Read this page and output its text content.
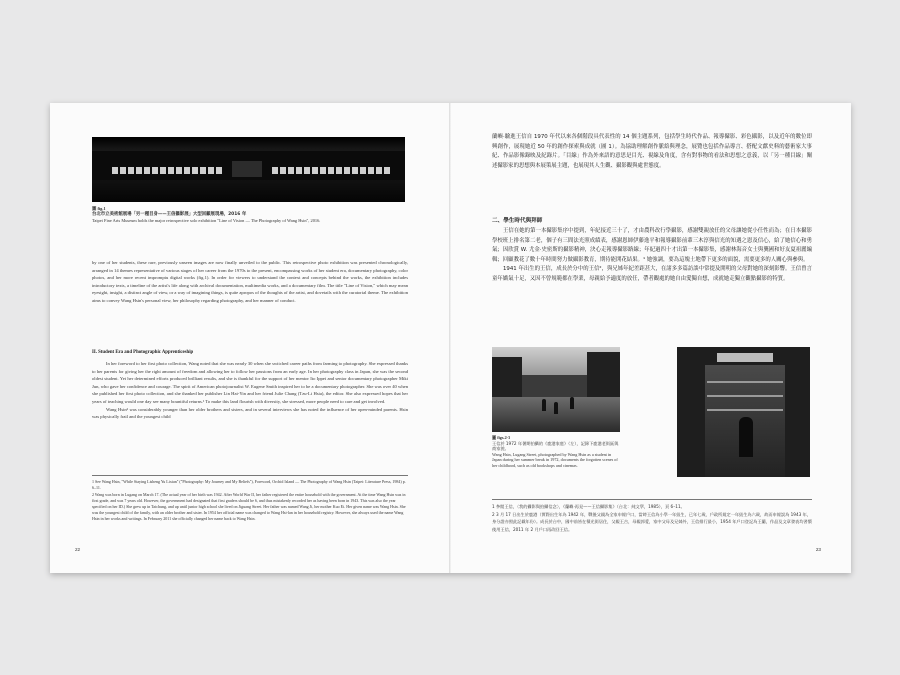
圖 fig.1
台北市立美術館展場「另一種目身——王信攝影展」大型回顧展現場，2016 年
Taipei Fine Arts Museum holds the major retrospective solo exhibition "Line of Vision — The Photography of Wang Hsin", 2016.

by one of her students, these rare, previously unseen images are now finally unveiled to the public. This retrospective photo exhibition was presented chronologically, arranged in 14 themes representative of various stages of her career from the 1970s to the present, encompassing works of her student era, documentary photography, color photos, and her more recent impromptu digital works (fig.1). In order for viewers to understand the context and concepts behind the works, the exhibition includes introductory texts, a timeline of the artist's life along with archival documentation, multimedia works, and a documentary film. The title "Line of Vision," which may mean eyesight, insight, a distinct angle of view, or a way of imagining things, is quite apropos of the thoughts of the artist, and dovetails with the curatorial theme. The exhibition aims to convey Wang Hsin's personal view, her philosophy regarding photography, and her manner of conduct.

II. Student Era and Photographic Apprenticeship

In her foreword to her first photo collection, Wang noted that she was nearly 30 when she switched career paths from farming to photography. She expressed thanks to her parents for giving her the right amount of freedom and allowing her to follow her passions from an early age. In her photography class in Japan, she was the second oldest student. Yet her determined efforts produced brilliant results, and she is thankful for the support of her mentor Ito Ippei and senior documentary photographer Miki Jun, who gave her confidence and courage. The spirit of American photojournalist W. Eugene Smith inspired her to be a documentary photographer. She was over 40 when she published her first photo collection, and she thanked her publisher Lin Hai-Yin and her friend Julie Chang (Tzu-Li Hsia), the editor. She also expressed hopes that her years of teaching would one day see many bountiful returns.¹ To make this land flourish with diversity, she stressed, more people need to care and get involved.

Wang Hsin² was considerably younger than her older brothers and sisters, and in several interviews she has noted the influence of her open-minded parents. Hsin was physically frail and the youngest child

1 See Wang Hsin, "While Staying Lisheng Yu Lixian" ("Photography: My Journey and My Beliefs"), Foreword, Orchid Island — The Photography of Wang Hsin (Taipei: Literature Press, 1984) p. 6–11.
2 Wang was born in Lugang on March 17. (The actual year of her birth was 1942. After World War II, her father registered the entire household with the government. At the time Wang Hsin was in first grade, and was 7 years old. However, the government had designated that first graders should be 6, and thus mistakenly recorded her as having been born in 1943. This was also the year specified on her ID.) She grew up in Taichung, and up until junior high school she lived on Jiguang Street. Her father was named Wang Ji, her mother Kuo Ei. Her given name was Wang Hsin. She was the youngest child of the family, with an older brother and sister. In 1954 her official name was changed to Wang Hsi-lan in her household registry. However, she always used the name Wang Hsin in her works and writings. In February 2011 she officially changed her name back to Wang Hsin.
22

蘭嶼‧驗進王信自 1970 年代以來各個階段具代表性的 14 個主題系列，包括學生時代作品、報導攝影、彩色攝影，以及近年的數位即興創作，展現她近 50 年的創作探索與成就（圖 1）。為協助理解創作脈絡與理念，展覽也包括作品導言、搭配文獻史料的藝術家大事紀、作品影像錄映及紀錄片。「目線」作為外來語的意思是目光、視線及角度，含有對事物的看法和思想之意義，以「另一種目線」闡述攝影家的思想與本展策展主題，也展現其人生觀、攝影觀與處世態度。

二、學生時代與拜師

王信在她的第一本攝影集序中提到，年紀接近三十了，才由農科改行學攝影，感謝雙親放任的父母讓她從小任性而為；在日本攝影學校班上排名第二老，個子有三間法光照成績表，感謝恩師伊藤逸平和報導攝影前輩三木淳與信光的知遇之恩及信心，給了她信心和勇氣；因欣賞 W. 尤金‧史密斯的攝影精神，決心走報導攝影路線；年紀過四十才出第一本攝影集，感謝林海音女士與龔國和好友夏祖麗編輯；回顧教花了數十年時間努力做攝影教育，期待能開花結果。¹ 她強調，要為這塊土地帶下更多的面貌，需要更多的人關心與參與。

1941 年出生的王信，成長於分中的王信²，與兄姊年紀差距甚大，在諸多多篇訪談中常提及開明的父母對她的深刻影響。王信曾言童年嬌氣十足，又因不曾規範都在學業，母親給予適度的放任，帶者觀處的她自由愛獨自想，成就她走獨立觀點攝影的特質。

圖 figs.2-3
王信於 1972 年暑期拍攝的《鹿港家庭》（左），記錄下鹿港老街區與商家貌。
Wang Hsin, Lugang Street, photographed by Wang Hsin as a student in Japan during her summer break in 1972, documents the forgotten scenes of her childhood, such as old bookshops and cinemas.
1 參閱王信，〈我的攝影與拍攝信念〉，《蘭嶼‧再見——王信攝影集》（台北：純文學，1985），頁 6–11。
2 3 月 17 日出生於鹿港（實際出生年為 1942 年，戰後父親為全家申報戶口，當時王信為小學一年級生，已年七歲，戶政所規定一年級生為六歲，故而申報誤為 1943 年，身分證亦照此記載年份）。成長於台中，國中前皆在積光街居住，父親王吉，母親郭愛，家中父母及兄姊外，王信排行最小，1954 年戶口登記為王蘭，作品及文章發表均習慣使用王信，2011 年 2 月戶口再改回王信。
23
